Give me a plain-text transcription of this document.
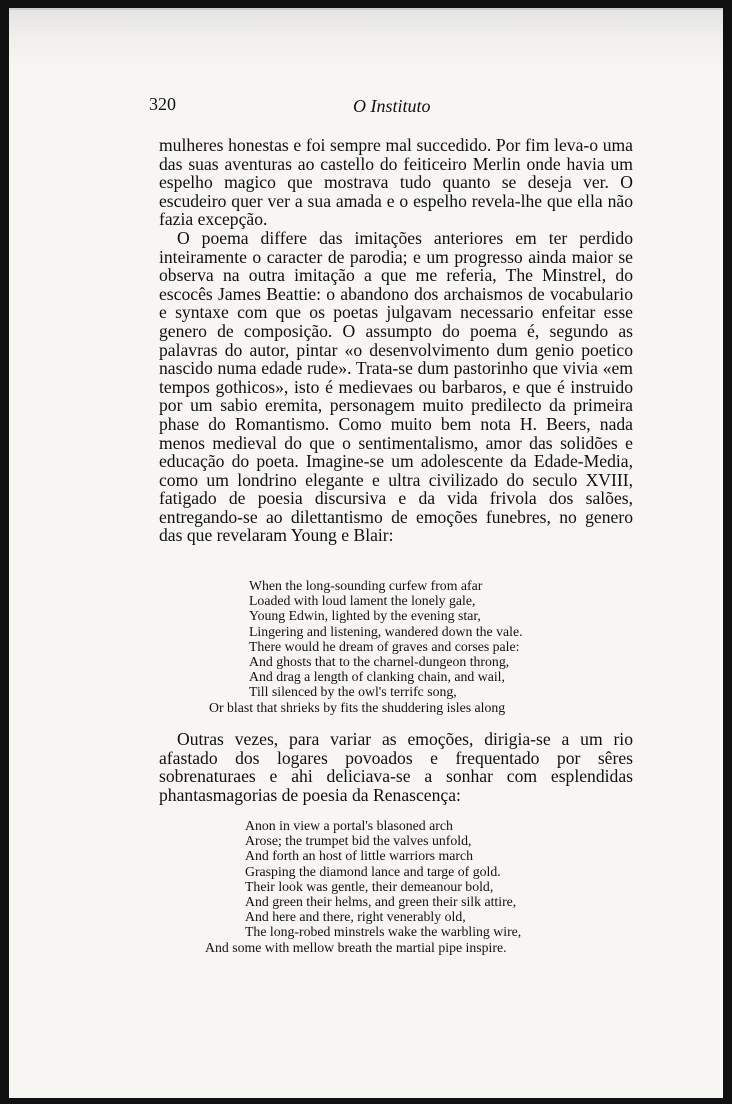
320	O Instituto

mulheres honestas e foi sempre mal succedido. Por fim leva-o uma das suas aventuras ao castello do feiticeiro Merlin onde havia um espelho magico que mostrava tudo quanto se deseja ver. O escudeiro quer ver a sua amada e o espelho revela-lhe que ella não fazia excepção.

O poema differe das imitações anteriores em ter perdido inteiramente o caracter de parodia; e um progresso ainda maior se observa na outra imitação a que me referia, The Minstrel, do escocês James Beattie: o abandono dos archaismos de vocabulario e syntaxe com que os poetas julgavam necessario enfeitar esse genero de composição. O assumpto do poema é, segundo as palavras do autor, pintar «o desenvolvimento dum genio poetico nascido numa edade rude». Trata-se dum pastorinho que vivia «em tempos gothicos», isto é medievaes ou barbaros, e que é instruido por um sabio eremita, personagem muito predilecto da primeira phase do Romantismo. Como muito bem nota H. Beers, nada menos medieval do que o sentimentalismo, amor das solidões e educação do poeta. Imagine-se um adolescente da Edade-Media, como um londrino elegante e ultra civilizado do seculo XVIII, fatigado de poesia discursiva e da vida frivola dos salões, entregando-se ao dilettantismo de emoções funebres, no genero das que revelaram Young e Blair:

When the long-sounding curfew from afar
Loaded with loud lament the lonely gale,
Young Edwin, lighted by the evening star,
Lingering and listening, wandered down the vale.
There would he dream of graves and corses pale:
And ghosts that to the charnel-dungeon throng,
And drag a length of clanking chain, and wail,
Till silenced by the owl's terrifc song,
Or blast that shrieks by fits the shuddering isles along

Outras vezes, para variar as emoções, dirigia-se a um rio afastado dos logares povoados e frequentado por sêres sobrenaturaes e ahi deliciava-se a sonhar com esplendidas phantasmagorias de poesia da Renascença:

Anon in view a portal's blasoned arch
Arose; the trumpet bid the valves unfold,
And forth an host of little warriors march
Grasping the diamond lance and targe of gold.
Their look was gentle, their demeanour bold,
And green their helms, and green their silk attire,
And here and there, right venerably old,
The long-robed minstrels wake the warbling wire,
And some with mellow breath the martial pipe inspire.
